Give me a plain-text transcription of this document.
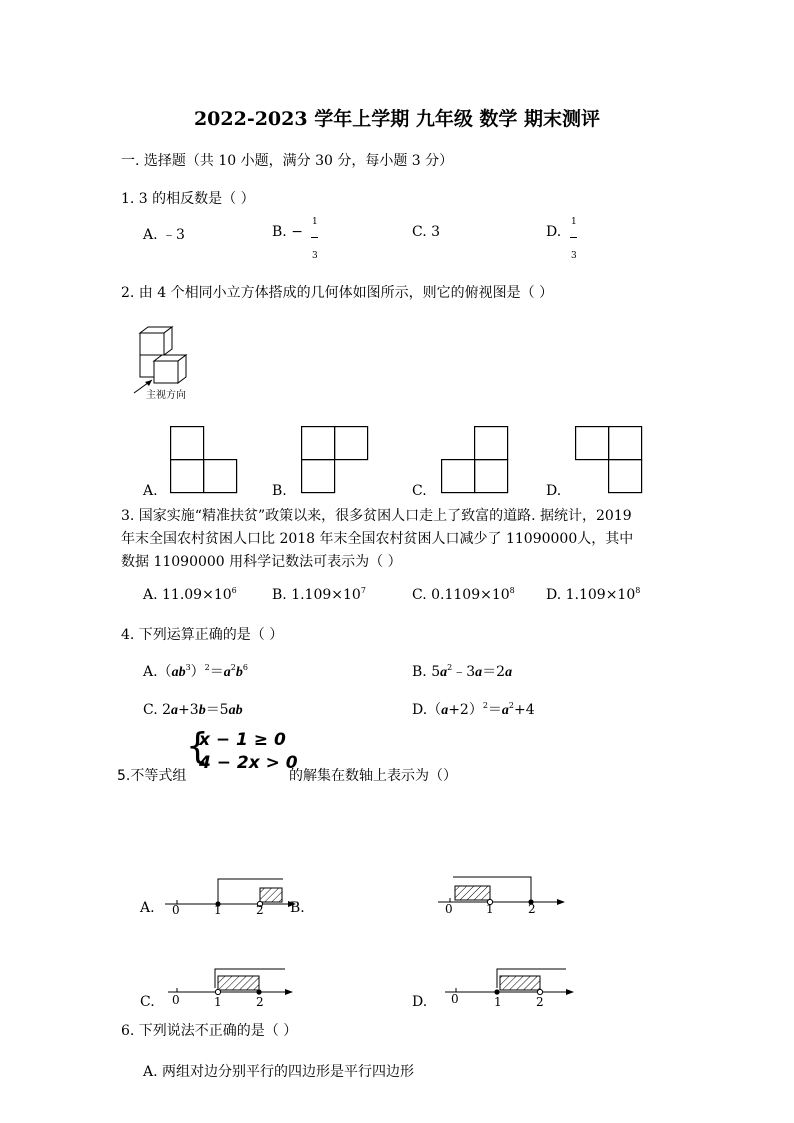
2022-2023 学年上学期 九年级 数学 期末测评
一. 选择题（共 10 小题，满分 30 分，每小题 3 分）
1. 3 的相反数是（ ）
A. ﹣3	B. −
1
3
C. 3	D.
1
3
2. 由 4 个相同小立方体搭成的几何体如图所示，则它的俯视图是（ ）
主视方向
A.	B.	C.	D.
3. 国家实施“精准扶贫”政策以来，很多贫困人口走上了致富的道路. 据统计，2019
年末全国农村贫困人口比 2018 年末全国农村贫困人口减少了 11090000人，其中
数据 11090000 用科学记数法可表示为（ ）
A. $11.09\times 10^6$	B. $1.109\times 10^7$	C. $0.1109\times 10^8$ D. $1.109\times 10^8$
4. 下列运算正确的是（ ）
$A.(ab^3)^2=a^2b^6$	B. $5a^2﹣3a=2a$
C. 2a+3b＝5ab	$D.(a+2)^2=a^2+4$
5.不等式组
{
x − 1 ≥ 0
4 − 2x > 0
的解集在数轴上表示为（）
0	1	2
A.	B.	0	1	2
0	1	2
C.	0	1	2
D.
6. 下列说法不正确的是（ ）
A. 两组对边分别平行的四边形是平行四边形
